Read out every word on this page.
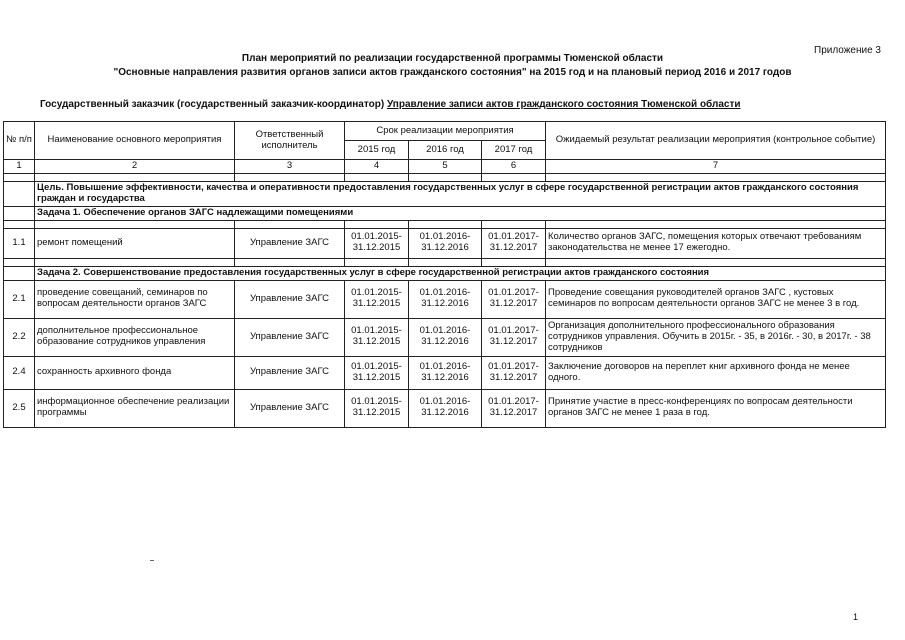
Приложение 3
План мероприятий по реализации государственной программы Тюменской области
"Основные направления развития органов записи актов гражданского состояния" на 2015 год и на плановый период 2016 и 2017 годов
Государственный заказчик (государственный заказчик-координатор) Управление записи актов гражданского состояния Тюменской области
№ п/п	Наименование основного мероприятия	Ответственный исполнитель	Срок реализации мероприятия			Ожидаемый результат реализации мероприятия (контрольное событие)
			2015 год	2016 год	2017 год	
1	2	3	4	5	6	7

	Цель. Повышение эффективности, качества и оперативности предоставления государственных услуг в сфере государственной регистрации актов гражданского состояния граждан и государства					
	Задача 1. Обеспечение органов ЗАГС надлежащими помещениями					

1.1	ремонт помещений	Управление ЗАГС	01.01.2015-31.12.2015	01.01.2016-31.12.2016	01.01.2017-31.12.2017	Количество органов ЗАГС, помещения которых отвечают требованиям законодательства не менее 17 ежегодно.

	Задача 2. Совершенствование предоставления государственных услуг в сфере государственной регистрации актов гражданского состояния					
2.1	проведение совещаний, семинаров по вопросам деятельности органов ЗАГС	Управление ЗАГС	01.01.2015-31.12.2015	01.01.2016-31.12.2016	01.01.2017-31.12.2017	Проведение совещания руководителей органов ЗАГС , кустовых семинаров по вопросам деятельности органов ЗАГС не менее 3 в год.
2.2	дополнительное профессиональное образование сотрудников управления	Управление ЗАГС	01.01.2015-31.12.2015	01.01.2016-31.12.2016	01.01.2017-31.12.2017	Организация дополнительного профессионального образования сотрудников управления. Обучить в 2015г. - 35, в 2016г. - 30, в 2017г. - 38 сотрудников
2.4	сохранность архивного фонда	Управление ЗАГС	01.01.2015-31.12.2015	01.01.2016-31.12.2016	01.01.2017-31.12.2017	Заключение договоров на переплет книг архивного фонда не менее одного.
2.5	информационное обеспечение реализации программы	Управление ЗАГС	01.01.2015-31.12.2015	01.01.2016-31.12.2016	01.01.2017-31.12.2017	Принятие участие в пресс-конференциях по вопросам деятельности органов ЗАГС не менее 1 раза в год.
1
